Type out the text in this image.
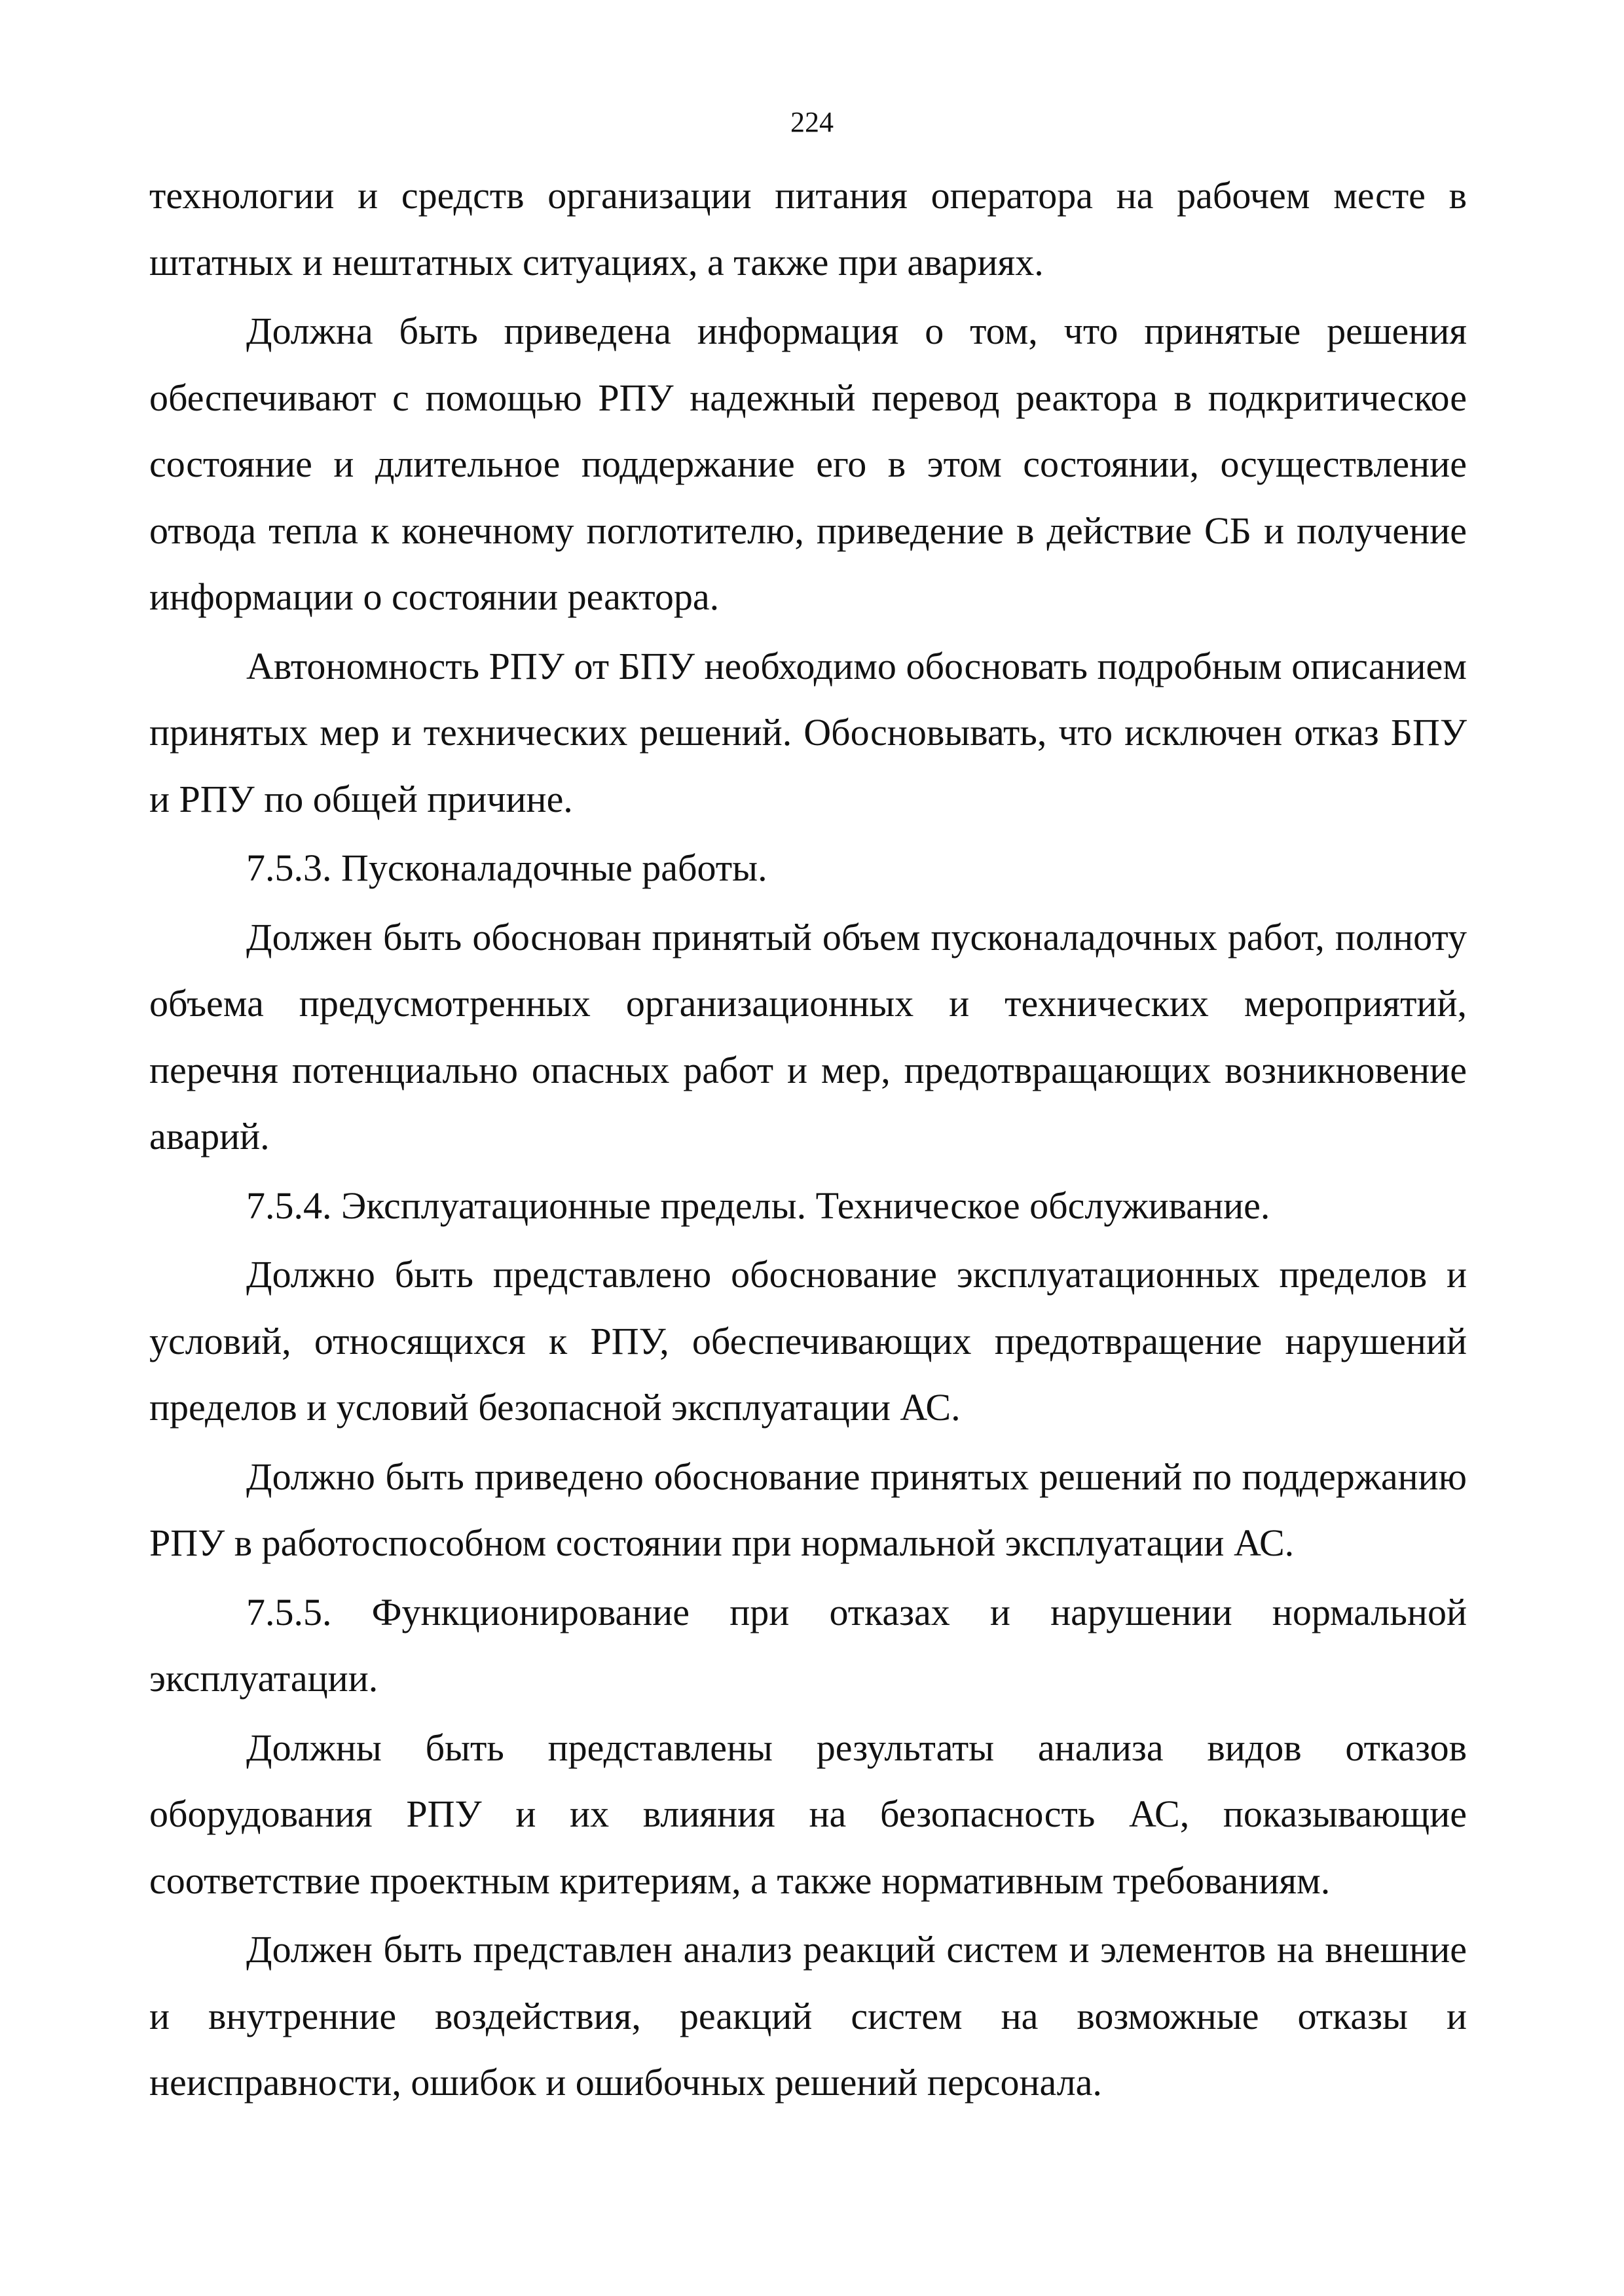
224

технологии и средств организации питания оператора на рабочем месте в штатных и нештатных ситуациях, а также при авариях.

Должна быть приведена информация о том, что принятые решения обеспечивают с помощью РПУ надежный перевод реактора в подкритическое состояние и длительное поддержание его в этом состоянии, осуществление отвода тепла к конечному поглотителю, приведение в действие СБ и получение информации о состоянии реактора.

Автономность РПУ от БПУ необходимо обосновать подробным описанием принятых мер и технических решений. Обосновывать, что исключен отказ БПУ и РПУ по общей причине.

7.5.3. Пусконаладочные работы.

Должен быть обоснован принятый объем пусконаладочных работ, полноту объема предусмотренных организационных и технических мероприятий, перечня потенциально опасных работ и мер, предотвращающих возникновение аварий.

7.5.4. Эксплуатационные пределы. Техническое обслуживание.

Должно быть представлено обоснование эксплуатационных пределов и условий, относящихся к РПУ, обеспечивающих предотвращение нарушений пределов и условий безопасной эксплуатации АС.

Должно быть приведено обоснование принятых решений по поддержанию РПУ в работоспособном состоянии при нормальной эксплуатации АС.

7.5.5. Функционирование при отказах и нарушении нормальной эксплуатации.

Должны быть представлены результаты анализа видов отказов оборудования РПУ и их влияния на безопасность АС, показывающие соответствие проектным критериям, а также нормативным требованиям.

Должен быть представлен анализ реакций систем и элементов на внешние и внутренние воздействия, реакций систем на возможные отказы и неисправности, ошибок и ошибочных решений персонала.
